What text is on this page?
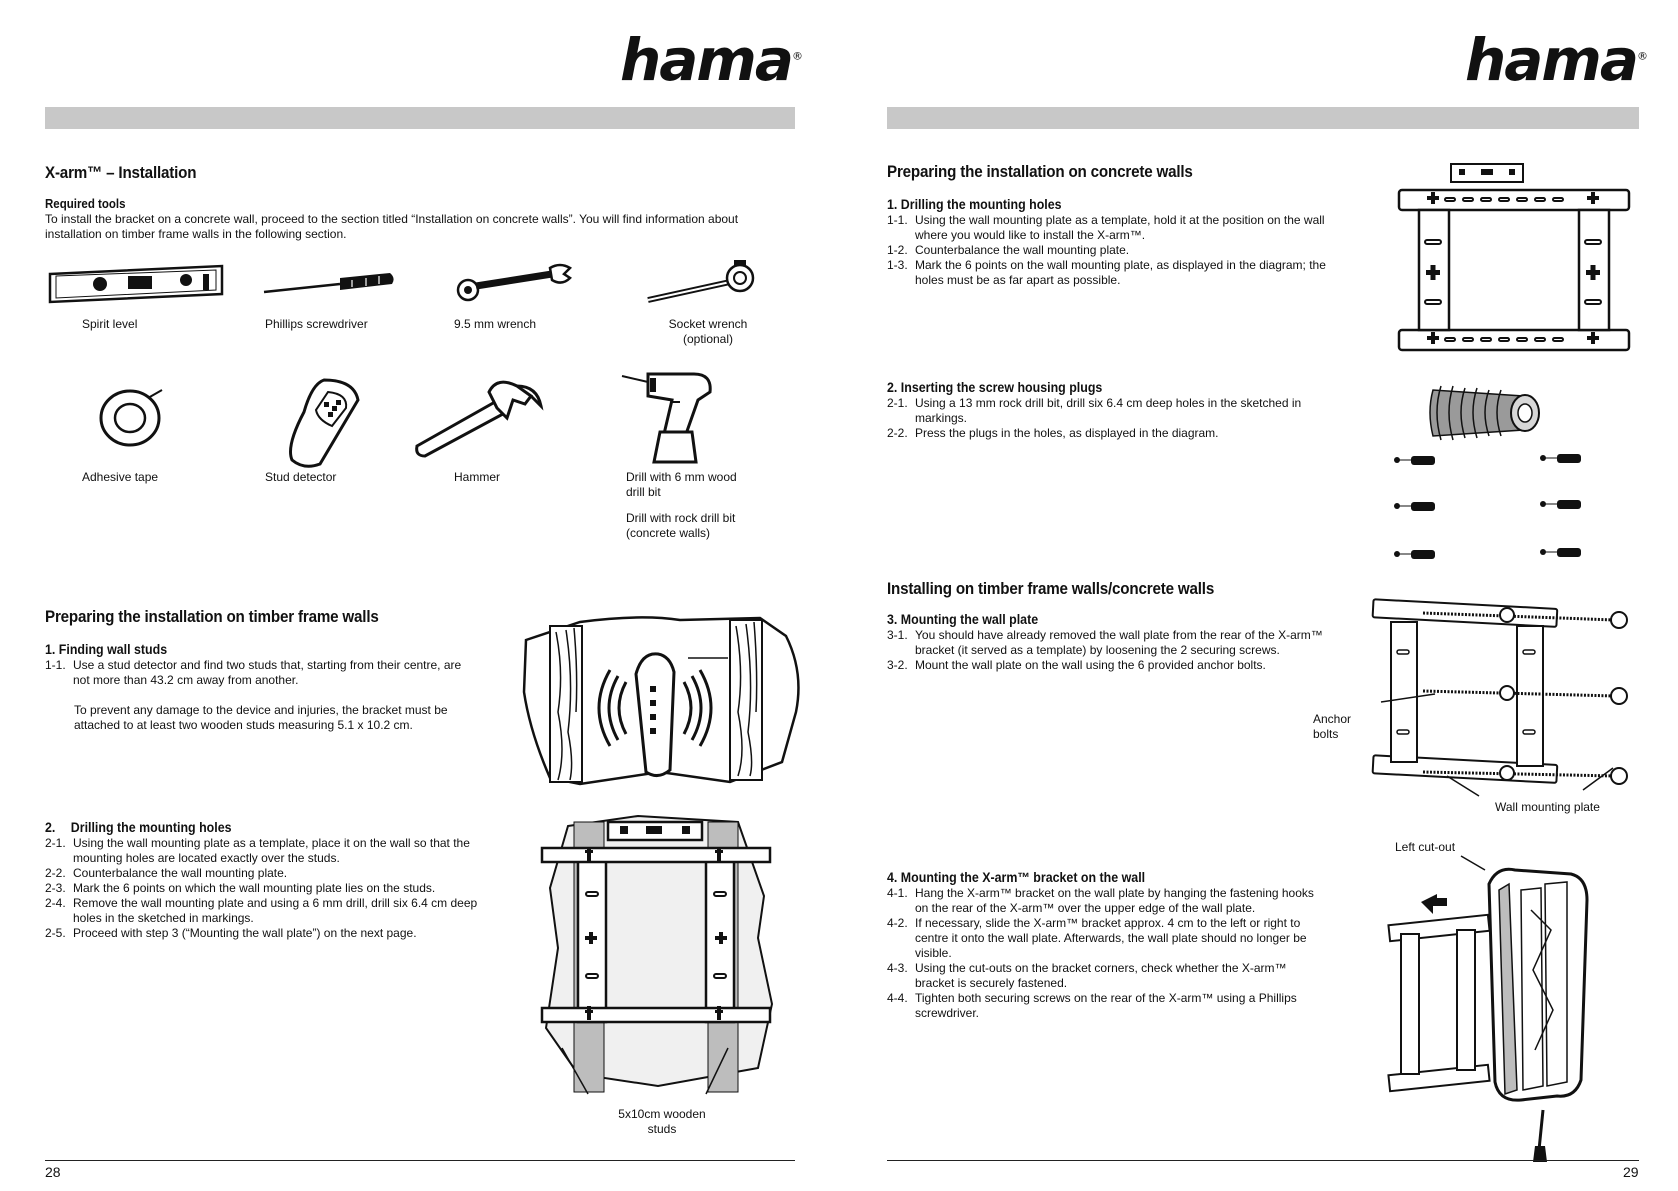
hama®
X-arm™ – Installation
Required tools
To install the bracket on a concrete wall, proceed to the section titled “Installation on concrete walls”. You will find information about installation on timber frame walls in the following section.
Spirit level	Phillips screwdriver	9.5 mm wrench	Socket wrench (optional)
Adhesive tape	Stud detector	Hammer	Drill with 6 mm wood drill bit
Drill with rock drill bit (concrete walls)
Preparing the installation on timber frame walls
1. Finding wall studs
1-1. Use a stud detector and find two studs that, starting from their centre, are not more than 43.2 cm away from another.
To prevent any damage to the device and injuries, the bracket must be attached to at least two wooden studs measuring 5.1 x 10.2 cm.
2. Drilling the mounting holes
2-1. Using the wall mounting plate as a template, place it on the wall so that the mounting holes are located exactly over the studs.
2-2. Counterbalance the wall mounting plate.
2-3. Mark the 6 points on which the wall mounting plate lies on the studs.
2-4. Remove the wall mounting plate and using a 6 mm drill, drill six 6.4 cm deep holes in the sketched in markings.
2-5. Proceed with step 3 (“Mounting the wall plate”) on the next page.
5x10cm wooden studs
28
hama®
Preparing the installation on concrete walls
1. Drilling the mounting holes
1-1. Using the wall mounting plate as a template, hold it at the position on the wall where you would like to install the X-arm™.
1-2. Counterbalance the wall mounting plate.
1-3. Mark the 6 points on the wall mounting plate, as displayed in the diagram; the holes must be as far apart as possible.
2. Inserting the screw housing plugs
2-1. Using a 13 mm rock drill bit, drill six 6.4 cm deep holes in the sketched in markings.
2-2. Press the plugs in the holes, as displayed in the diagram.
Installing on timber frame walls/concrete walls
3. Mounting the wall plate
3-1. You should have already removed the wall plate from the rear of the X-arm™ bracket (it served as a template) by loosening the 2 securing screws.
3-2. Mount the wall plate on the wall using the 6 provided anchor bolts.
Anchor bolts
Wall mounting plate
4. Mounting the X-arm™ bracket on the wall
4-1. Hang the X-arm™ bracket on the wall plate by hanging the fastening hooks on the rear of the X-arm™ over the upper edge of the wall plate.
4-2. If necessary, slide the X-arm™ bracket approx. 4 cm to the left or right to centre it onto the wall plate. Afterwards, the wall plate should no longer be visible.
4-3. Using the cut-outs on the bracket corners, check whether the X-arm™ bracket is securely fastened.
4-4. Tighten both securing screws on the rear of the X-arm™ using a Phillips screwdriver.
Left cut-out
29
